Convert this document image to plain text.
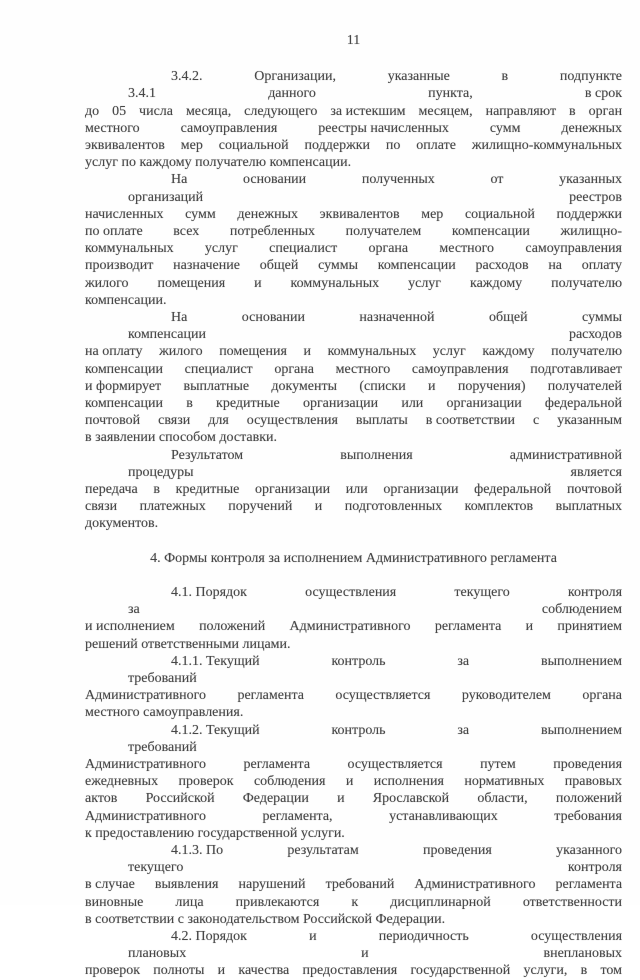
11
3.4.2.	Организации,	указанные	в	подпункте 3.4.1	данного	пункта,	в срок
до 05 числа месяца, следующего за истекшим месяцем, направляют в орган
местного	самоуправления	реестры начисленных	сумм	денежных
эквивалентов мер социальной поддержки по оплате жилищно-коммунальных
услуг по каждому получателю компенсации.
На	основании	полученных	от	указанных организаций	реестров
начисленных сумм денежных эквивалентов мер социальной поддержки
по оплате всех потребленных получателем компенсации жилищно-
коммунальных услуг специалист органа местного самоуправления
производит назначение общей суммы компенсации расходов на оплату
жилого помещения и коммунальных услуг каждому получателю
компенсации.
На	основании	назначенной	общей	суммы компенсации	расходов
на оплату жилого помещения и коммунальных услуг каждому получателю
компенсации специалист органа местного самоуправления подготавливает
и формирует выплатные документы (списки и поручения) получателей
компенсации в кредитные организации или организации федеральной
почтовой связи для осуществления выплаты в соответствии с указанным
в заявлении способом доставки.
Результатом	выполнения	административной процедуры	является
передача в кредитные организации или организации федеральной почтовой
связи платежных поручений и подготовленных комплектов выплатных
документов.
4. Формы контроля за исполнением Административного регламента
4.1. Порядок	осуществления	текущего	контроля за	соблюдением
и исполнением положений Административного регламента и принятием
решений ответственными лицами.
4.1.1. Текущий	контроль	за	выполнением требований
Административного регламента осуществляется руководителем органа
местного самоуправления.
4.1.2. Текущий	контроль	за	выполнением требований
Административного	регламента	осуществляется	путем	проведения
ежедневных проверок соблюдения и исполнения нормативных правовых
актов Российской Федерации и Ярославской области, положений
Административного	регламента,	устанавливающих	требования
к предоставлению государственной услуги.
4.1.3. По	результатам	проведения	указанного текущего	контроля
в случае выявления нарушений требований Административного регламента
виновные лица привлекаются к дисциплинарной ответственности
в соответствии с законодательством Российской Федерации.
4.2. Порядок	и	периодичность	осуществления плановых	и	внеплановых
проверок полноты и качества предоставления государственной услуги, в том
